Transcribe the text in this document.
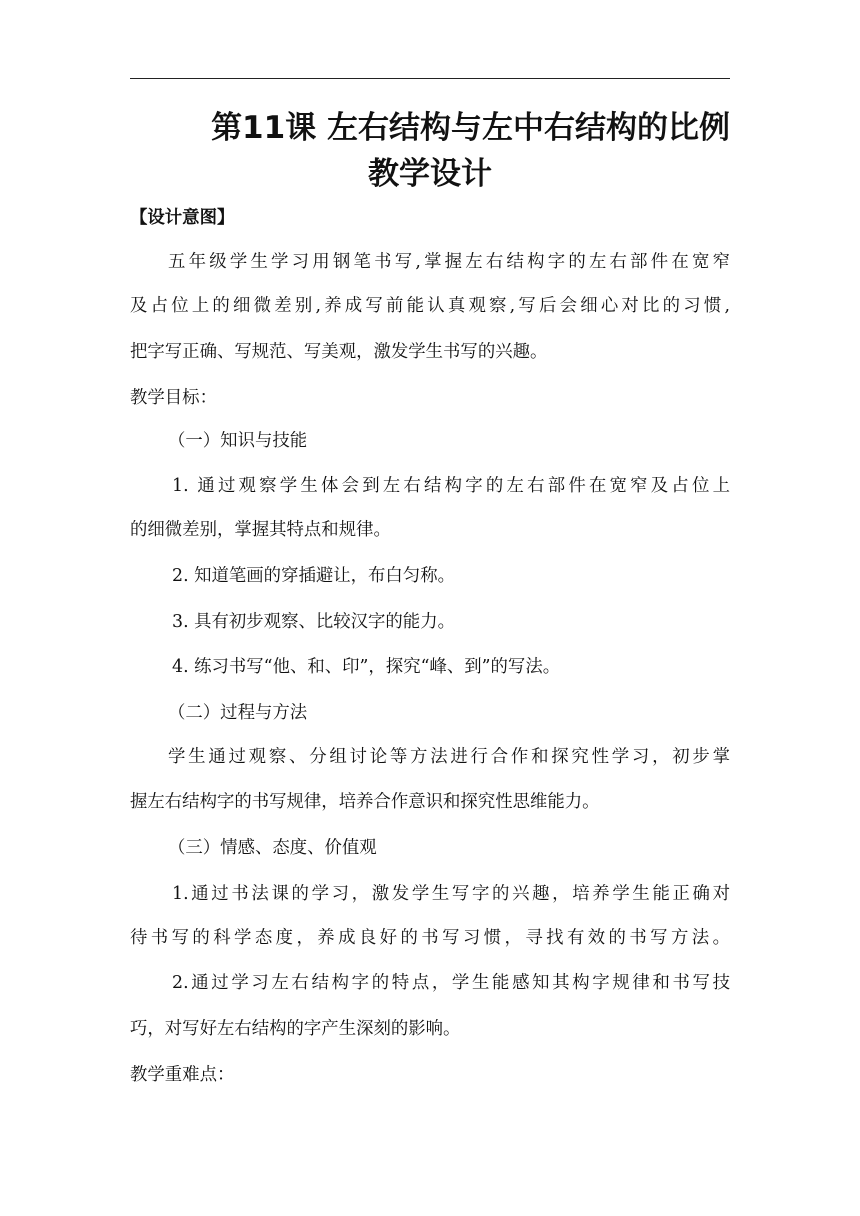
第11课 左右结构与左中右结构的比例
教学设计
【设计意图】
五年级学生学习用钢笔书写,掌握左右结构字的左右部件在宽窄
及占位上的细微差别,养成写前能认真观察,写后会细心对比的习惯,
把字写正确、写规范、写美观，激发学生书写的兴趣。
教学目标：
（一）知识与技能
1. 通过观察学生体会到左右结构字的左右部件在宽窄及占位上
的细微差别，掌握其特点和规律。
2. 知道笔画的穿插避让，布白匀称。
3. 具有初步观察、比较汉字的能力。
4. 练习书写“他、和、印”，探究“峰、到”的写法。
（二）过程与方法
学生通过观察、分组讨论等方法进行合作和探究性学习，初步掌
握左右结构字的书写规律，培养合作意识和探究性思维能力。
（三）情感、态度、价值观
1.通过书法课的学习，激发学生写字的兴趣，培养学生能正确对
待书写的科学态度，养成良好的书写习惯，寻找有效的书写方法。
2.通过学习左右结构字的特点，学生能感知其构字规律和书写技
巧，对写好左右结构的字产生深刻的影响。
教学重难点：
